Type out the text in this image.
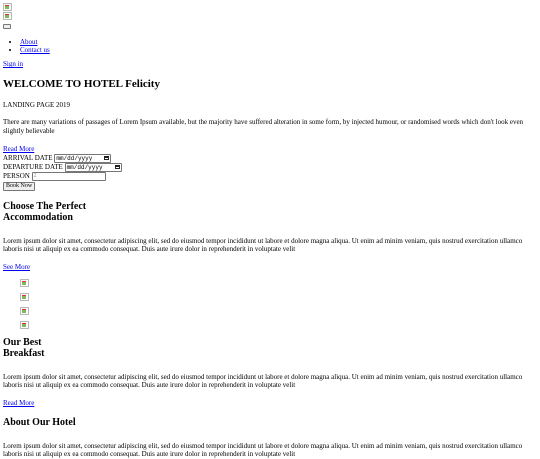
• About
• Contact us
Sign in
WELCOME TO HOTEL Felicity
LANDING PAGE 2019
There are many variations of passages of Lorem Ipsum available, but the majority have suffered alteration in some form, by injected humour, or randomised words which don't look even slightly believable
Read More
ARRIVAL DATE mm/dd/yyyy
DEPARTURE DATE mm/dd/yyyy
PERSON 2
Book Now
Choose The Perfect
Accommodation
Lorem ipsum dolor sit amet, consectetur adipiscing elit, sed do eiusmod tempor incididunt ut labore et dolore magna aliqua. Ut enim ad minim veniam, quis nostrud exercitation ullamco laboris nisi ut aliquip ex ea commodo consequat. Duis aute irure dolor in reprehenderit in voluptate velit
See More
Our Best
Breakfast
Lorem ipsum dolor sit amet, consectetur adipiscing elit, sed do eiusmod tempor incididunt ut labore et dolore magna aliqua. Ut enim ad minim veniam, quis nostrud exercitation ullamco laboris nisi ut aliquip ex ea commodo consequat. Duis aute irure dolor in reprehenderit in voluptate velit
Read More
About Our Hotel
Lorem ipsum dolor sit amet, consectetur adipiscing elit, sed do eiusmod tempor incididunt ut labore et dolore magna aliqua. Ut enim ad minim veniam, quis nostrud exercitation ullamco laboris nisi ut aliquip ex ea commodo consequat. Duis aute irure dolor in reprehenderit in voluptate velit
